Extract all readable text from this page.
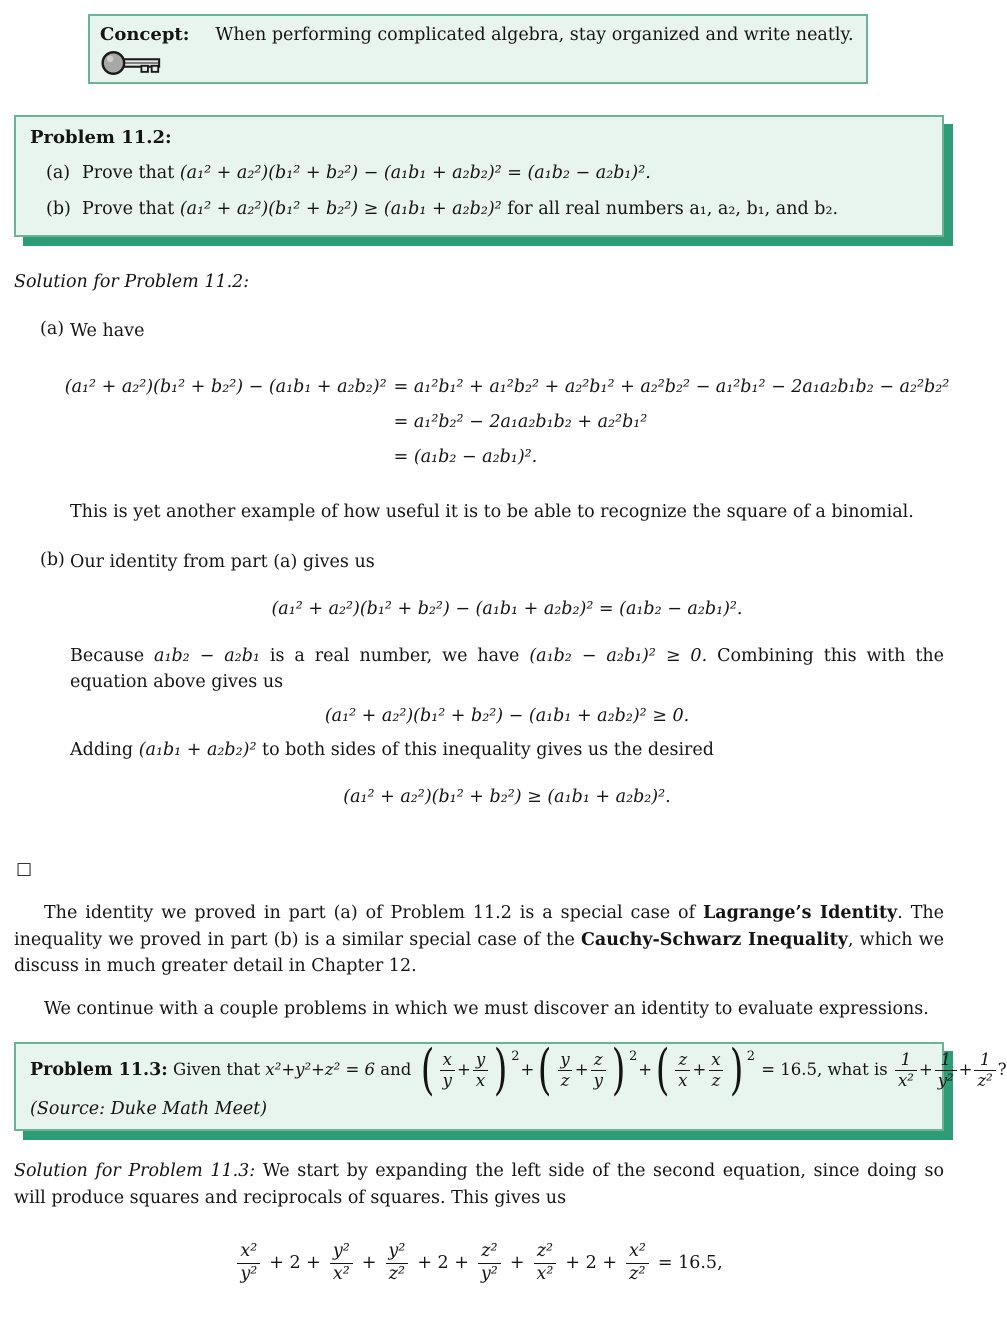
Concept: When performing complicated algebra, stay organized and write neatly.
Problem 11.2:
(a) Prove that (a₁² + a₂²)(b₁² + b₂²) − (a₁b₁ + a₂b₂)² = (a₁b₂ − a₂b₁)².
(b) Prove that (a₁² + a₂²)(b₁² + b₂²) ≥ (a₁b₁ + a₂b₂)² for all real numbers a₁, a₂, b₁, and b₂.

Solution for Problem 11.2:

(a) We have

(a₁² + a₂²)(b₁² + b₂²) − (a₁b₁ + a₂b₂)² = a₁²b₁² + a₁²b₂² + a₂²b₁² + a₂²b₂² − a₁²b₁² − 2a₁a₂b₁b₂ − a₂²b₂²
= a₁²b₂² − 2a₁a₂b₁b₂ + a₂²b₁²
= (a₁b₂ − a₂b₁)².

This is yet another example of how useful it is to be able to recognize the square of a binomial.

(b) Our identity from part (a) gives us

(a₁² + a₂²)(b₁² + b₂²) − (a₁b₁ + a₂b₂)² = (a₁b₂ − a₂b₁)².

Because a₁b₂ − a₂b₁ is a real number, we have (a₁b₂ − a₂b₁)² ≥ 0. Combining this with the equation above gives us

(a₁² + a₂²)(b₁² + b₂²) − (a₁b₁ + a₂b₂)² ≥ 0.

Adding (a₁b₁ + a₂b₂)² to both sides of this inequality gives us the desired

(a₁² + a₂²)(b₁² + b₂²) ≥ (a₁b₁ + a₂b₂)².

□

The identity we proved in part (a) of Problem 11.2 is a special case of Lagrange’s Identity. The inequality we proved in part (b) is a similar special case of the Cauchy-Schwarz Inequality, which we discuss in much greater detail in Chapter 12.

We continue with a couple problems in which we must discover an identity to evaluate expressions.

Problem 11.3: Given that x²+y²+z² = 6 and ( $\frac{x}{y} + \frac{y}{x}$ ) 2
+ ( $\frac{y}{z} + \frac{z}{y}$ ) 2
+ ( $\frac{z}{x} + \frac{x}{z}$ ) 2
= 16.5, what is $\frac{1}{\text{x²}} + \frac{1}{\text{y²}} + \frac{1}{\text{z²}}$ ?
(Source: Duke Math Meet)

Solution for Problem 11.3: We start by expanding the left side of the second equation, since doing so will produce squares and reciprocals of squares. This gives us

$\frac{\text{x²}}{\text{y²}} + 2 + \frac{\text{y²}}{\text{x²}} + \frac{\text{y²}}{\text{z²}} + 2 + \frac{\text{z²}}{\text{y²}} + \frac{\text{z²}}{\text{x²}} + 2 + \frac{\text{x²}}{\text{z²}} = 16.5$,
